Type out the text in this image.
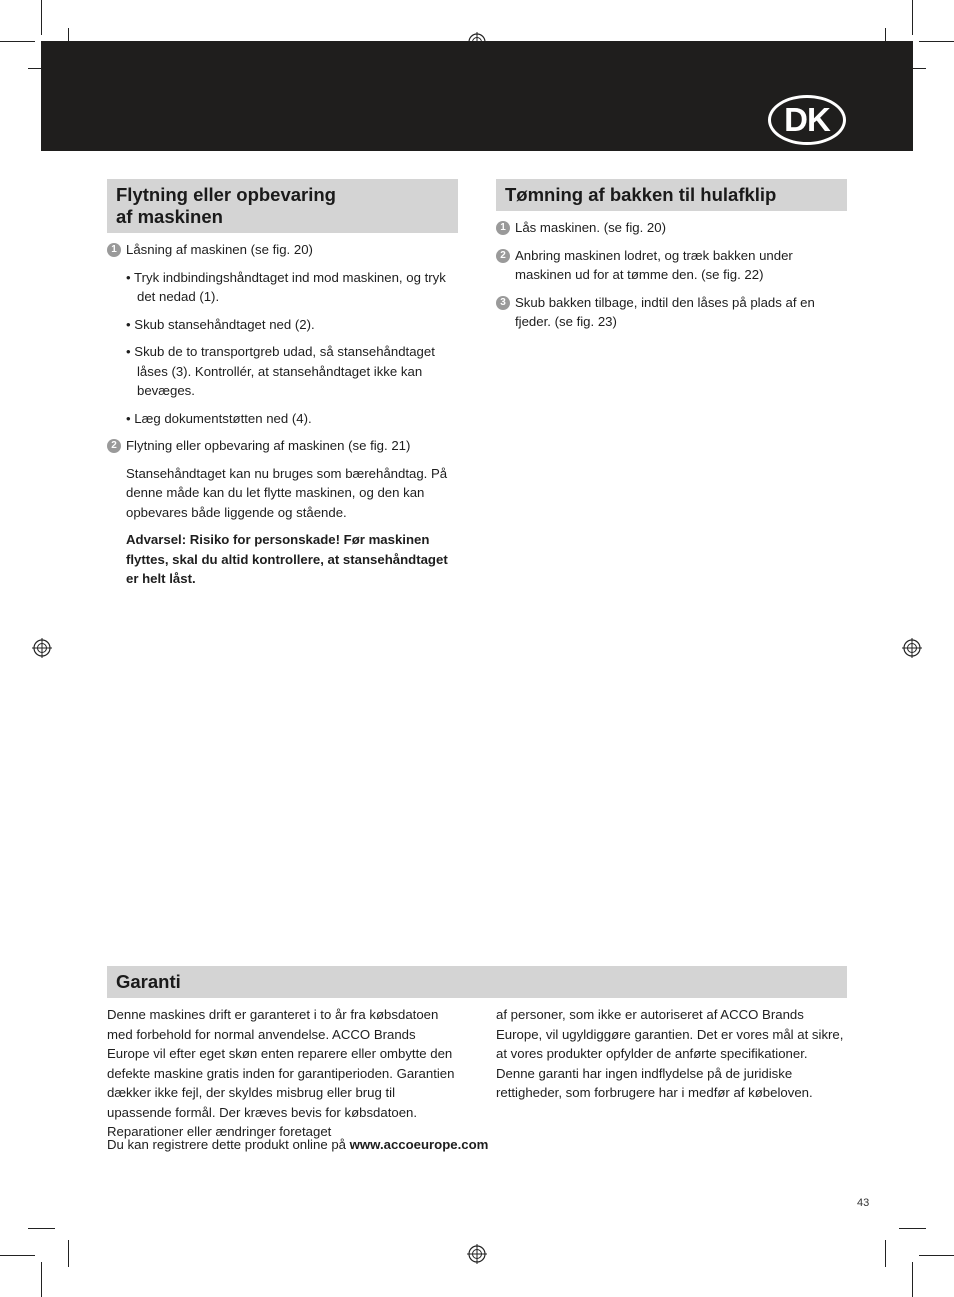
DK
Flytning eller opbevaring
af maskinen
1 Låsning af maskinen (se fig. 20)
• Tryk indbindingshåndtaget ind mod maskinen, og tryk det nedad (1).
• Skub stansehåndtaget ned (2).
• Skub de to transportgreb udad, så stansehåndtaget låses (3). Kontrollér, at stansehåndtaget ikke kan bevæges.
• Læg dokumentstøtten ned (4).
2 Flytning eller opbevaring af maskinen (se fig. 21)
Stansehåndtaget kan nu bruges som bærehåndtag. På denne måde kan du let flytte maskinen, og den kan opbevares både liggende og stående.
Advarsel: Risiko for personskade! Før maskinen flyttes, skal du altid kontrollere, at stansehåndtaget er helt låst.
Tømning af bakken til hulafklip
1 Lås maskinen. (se fig. 20)
2 Anbring maskinen lodret, og træk bakken under maskinen ud for at tømme den. (se fig. 22)
3 Skub bakken tilbage, indtil den låses på plads af en fjeder. (se fig. 23)
Garanti
Denne maskines drift er garanteret i to år fra købsdatoen med forbehold for normal anvendelse. ACCO Brands Europe vil efter eget skøn enten reparere eller ombytte den defekte maskine gratis inden for garantiperioden. Garantien dækker ikke fejl, der skyldes misbrug eller brug til upassende formål. Der kræves bevis for købsdatoen. Reparationer eller ændringer foretaget
af personer, som ikke er autoriseret af ACCO Brands Europe, vil ugyldiggøre garantien. Det er vores mål at sikre, at vores produkter opfylder de anførte specifikationer. Denne garanti har ingen indflydelse på de juridiske rettigheder, som forbrugere har i medfør af købeloven.
Du kan registrere dette produkt online på www.accoeurope.com
43
